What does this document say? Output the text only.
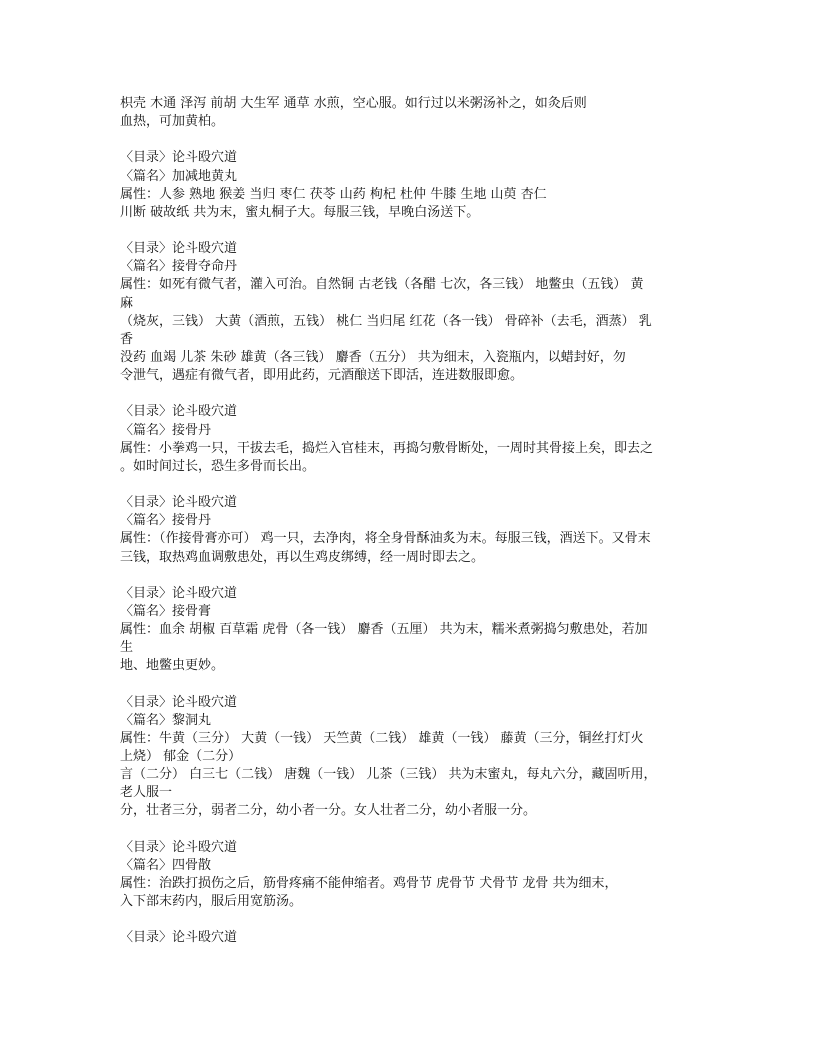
枳壳 木通 泽泻 前胡 大生军 通草 水煎，空心服。如行过以米粥汤补之，如灸后则
血热，可加黄柏。
〈目录〉论斗殴穴道
〈篇名〉加减地黄丸
属性：人参 熟地 猴姜 当归 枣仁 茯苓 山药 枸杞 杜仲 牛膝 生地 山萸 杏仁
川断 破故纸 共为末，蜜丸桐子大。每服三钱，早晚白汤送下。
〈目录〉论斗殴穴道
〈篇名〉接骨夺命丹
属性：如死有微气者，灌入可治。自然铜 古老钱（各醋 七次，各三钱） 地鳖虫（五钱） 黄
麻
（烧灰，三钱） 大黄（酒煎，五钱） 桃仁 当归尾 红花（各一钱） 骨碎补（去毛，酒蒸） 乳
香
没药 血竭 儿茶 朱砂 雄黄（各三钱） 麝香（五分） 共为细末，入瓷瓶内，以蜡封好，勿
令泄气，遇症有微气者，即用此药，元酒酿送下即活，连进数服即愈。
〈目录〉论斗殴穴道
〈篇名〉接骨丹
属性：小拳鸡一只，干拔去毛，捣烂入官桂末，再捣匀敷骨断处，一周时其骨接上矣，即去之
。如时间过长，恐生多骨而长出。
〈目录〉论斗殴穴道
〈篇名〉接骨丹
属性：（作接骨膏亦可） 鸡一只，去净肉，将全身骨酥油炙为末。每服三钱，酒送下。又骨末
三钱，取热鸡血调敷患处，再以生鸡皮绑缚，经一周时即去之。
〈目录〉论斗殴穴道
〈篇名〉接骨膏
属性：血余 胡椒 百草霜 虎骨（各一钱） 麝香（五厘） 共为末，糯米煮粥捣匀敷患处，若加
生
地、地鳖虫更妙。
〈目录〉论斗殴穴道
〈篇名〉黎洞丸
属性：牛黄（三分） 大黄（一钱） 天竺黄（二钱） 雄黄（一钱） 藤黄（三分，铜丝打灯火
上烧） 郁金（二分）
言（二分） 白三七（二钱） 唐魏（一钱） 儿茶（三钱） 共为末蜜丸，每丸六分，藏固听用，
老人服一
分，壮者三分，弱者二分，幼小者一分。女人壮者二分，幼小者服一分。
〈目录〉论斗殴穴道
〈篇名〉四骨散
属性：治跌打损伤之后，筋骨疼痛不能伸缩者。鸡骨节 虎骨节 犬骨节 龙骨 共为细末，
入下部末药内，服后用宽筋汤。
〈目录〉论斗殴穴道
